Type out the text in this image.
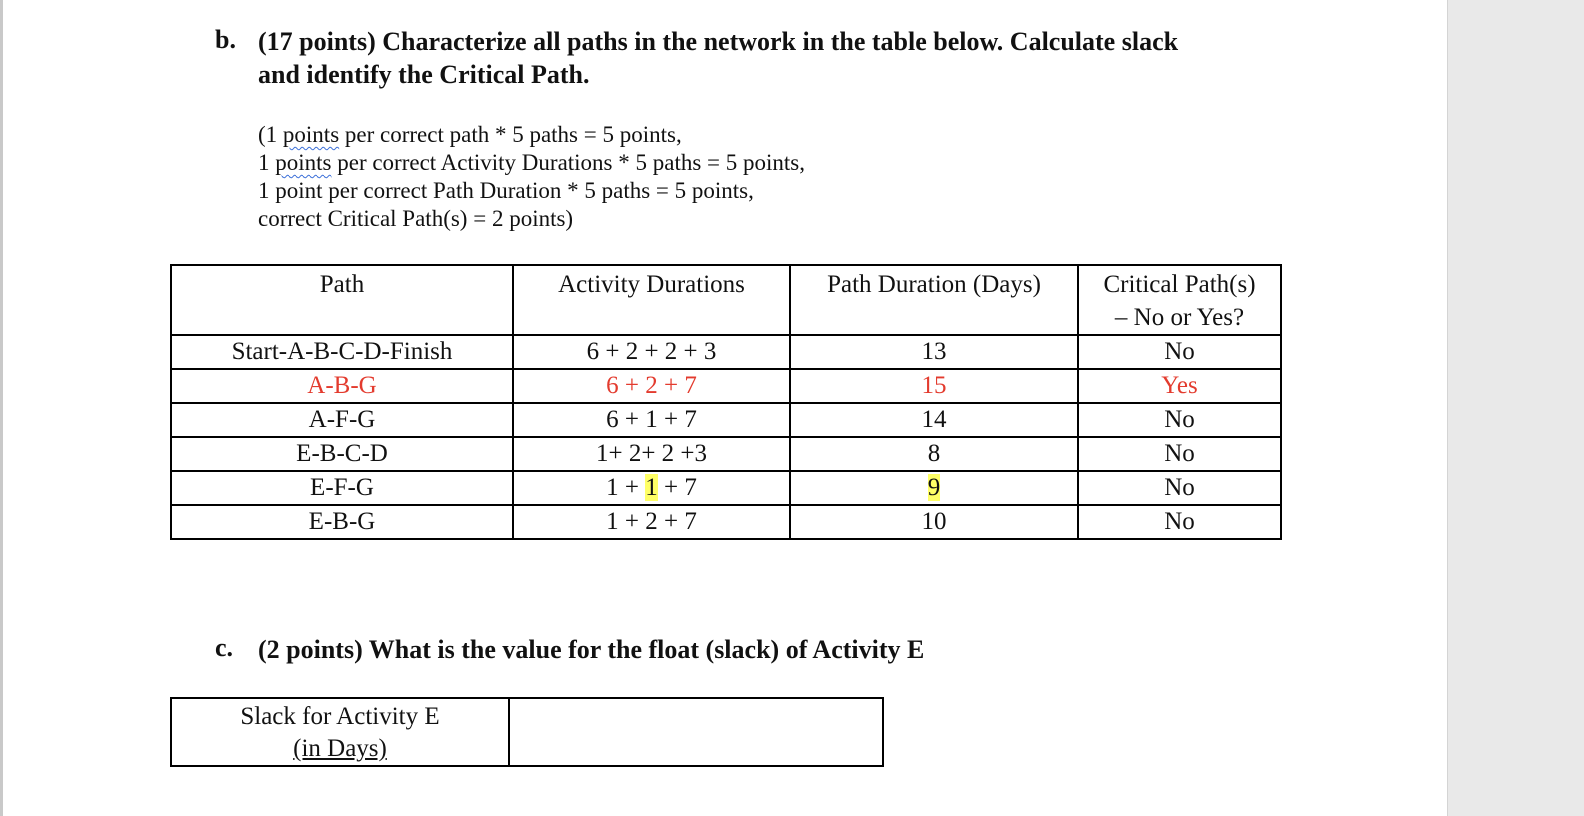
b. (17 points) Characterize all paths in the network in the table below. Calculate slack
and identify the Critical Path.
(1 points per correct path * 5 paths = 5 points,
1 points per correct Activity Durations * 5 paths = 5 points,
1 point per correct Path Duration * 5 paths = 5 points,
correct Critical Path(s) = 2 points)
Path	Activity Durations	Path Duration (Days)	Critical Path(s)
– No or Yes?

Start-A-B-C-D-Finish	6 + 2 + 2 + 3	13	No
A-B-G	6 + 2 + 7	15	Yes
A-F-G	6 + 1 + 7	14	No
E-B-C-D	1+ 2+ 2 +3	8	No
E-F-G	1 + 1 + 7	9	No
E-B-G	1 + 2 + 7	10	No
c. (2 points) What is the value for the float (slack) of Activity E
Slack for Activity E
(in Days)
